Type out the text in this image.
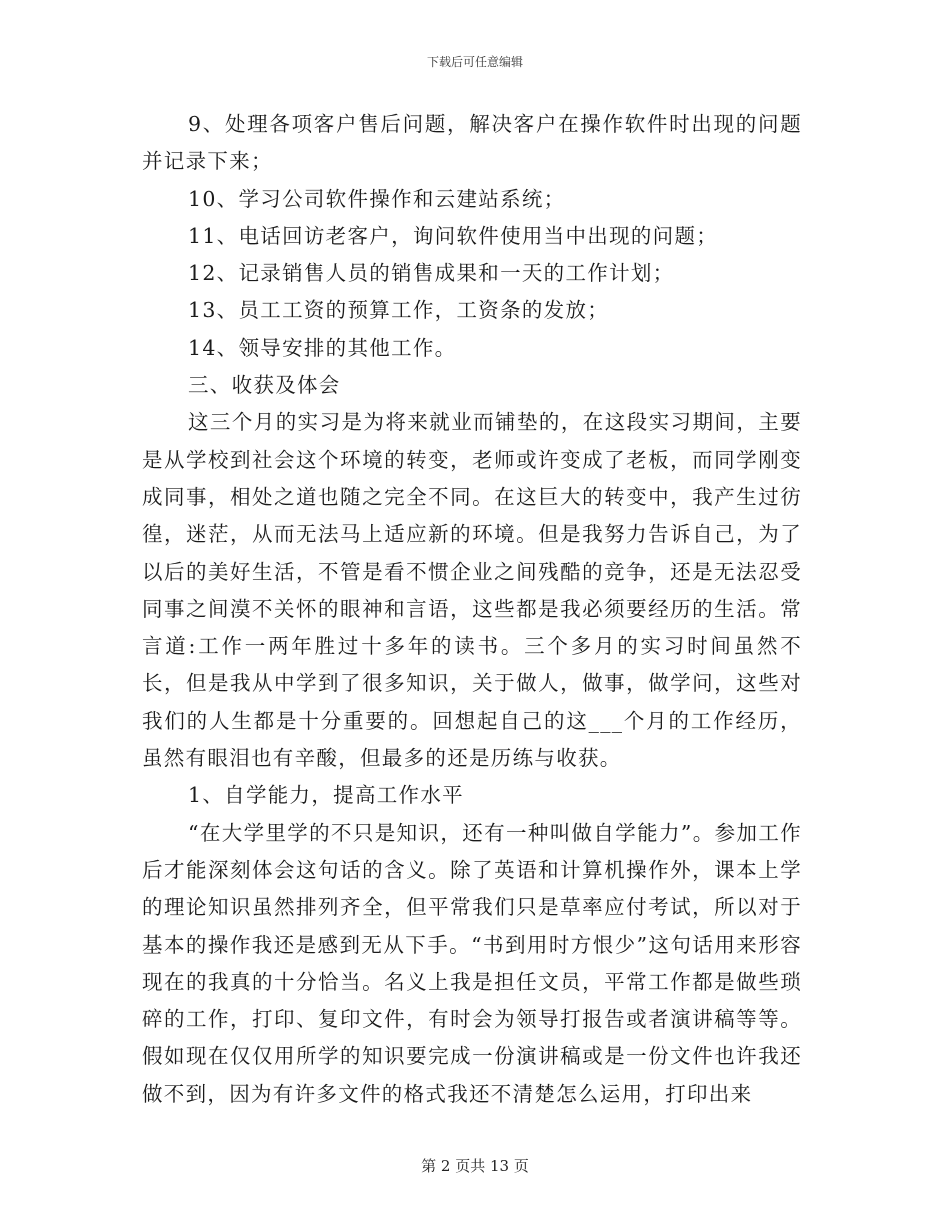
下载后可任意编辑

9、处理各项客户售后问题，解决客户在操作软件时出现的问题并记录下来；

10、学习公司软件操作和云建站系统；

11、电话回访老客户，询问软件使用当中出现的问题；

12、记录销售人员的销售成果和一天的工作计划；

13、员工工资的预算工作，工资条的发放；

14、领导安排的其他工作。

三、收获及体会

这三个月的实习是为将来就业而铺垫的，在这段实习期间，主要是从学校到社会这个环境的转变，老师或许变成了老板，而同学刚变成同事，相处之道也随之完全不同。在这巨大的转变中，我产生过彷徨，迷茫，从而无法马上适应新的环境。但是我努力告诉自己，为了以后的美好生活，不管是看不惯企业之间残酷的竞争，还是无法忍受同事之间漠不关怀的眼神和言语，这些都是我必须要经历的生活。常言道:工作一两年胜过十多年的读书。三个多月的实习时间虽然不长，但是我从中学到了很多知识，关于做人，做事，做学问，这些对我们的人生都是十分重要的。回想起自己的这___个月的工作经历，虽然有眼泪也有辛酸，但最多的还是历练与收获。

1、自学能力，提高工作水平

“在大学里学的不只是知识，还有一种叫做自学能力”。参加工作后才能深刻体会这句话的含义。除了英语和计算机操作外，课本上学的理论知识虽然排列齐全，但平常我们只是草率应付考试，所以对于基本的操作我还是感到无从下手。“书到用时方恨少”这句话用来形容现在的我真的十分恰当。名义上我是担任文员，平常工作都是做些琐碎的工作，打印、复印文件，有时会为领导打报告或者演讲稿等等。假如现在仅仅用所学的知识要完成一份演讲稿或是一份文件也许我还做不到，因为有许多文件的格式我还不清楚怎么运用，打印出来

第 2 页共 13 页
